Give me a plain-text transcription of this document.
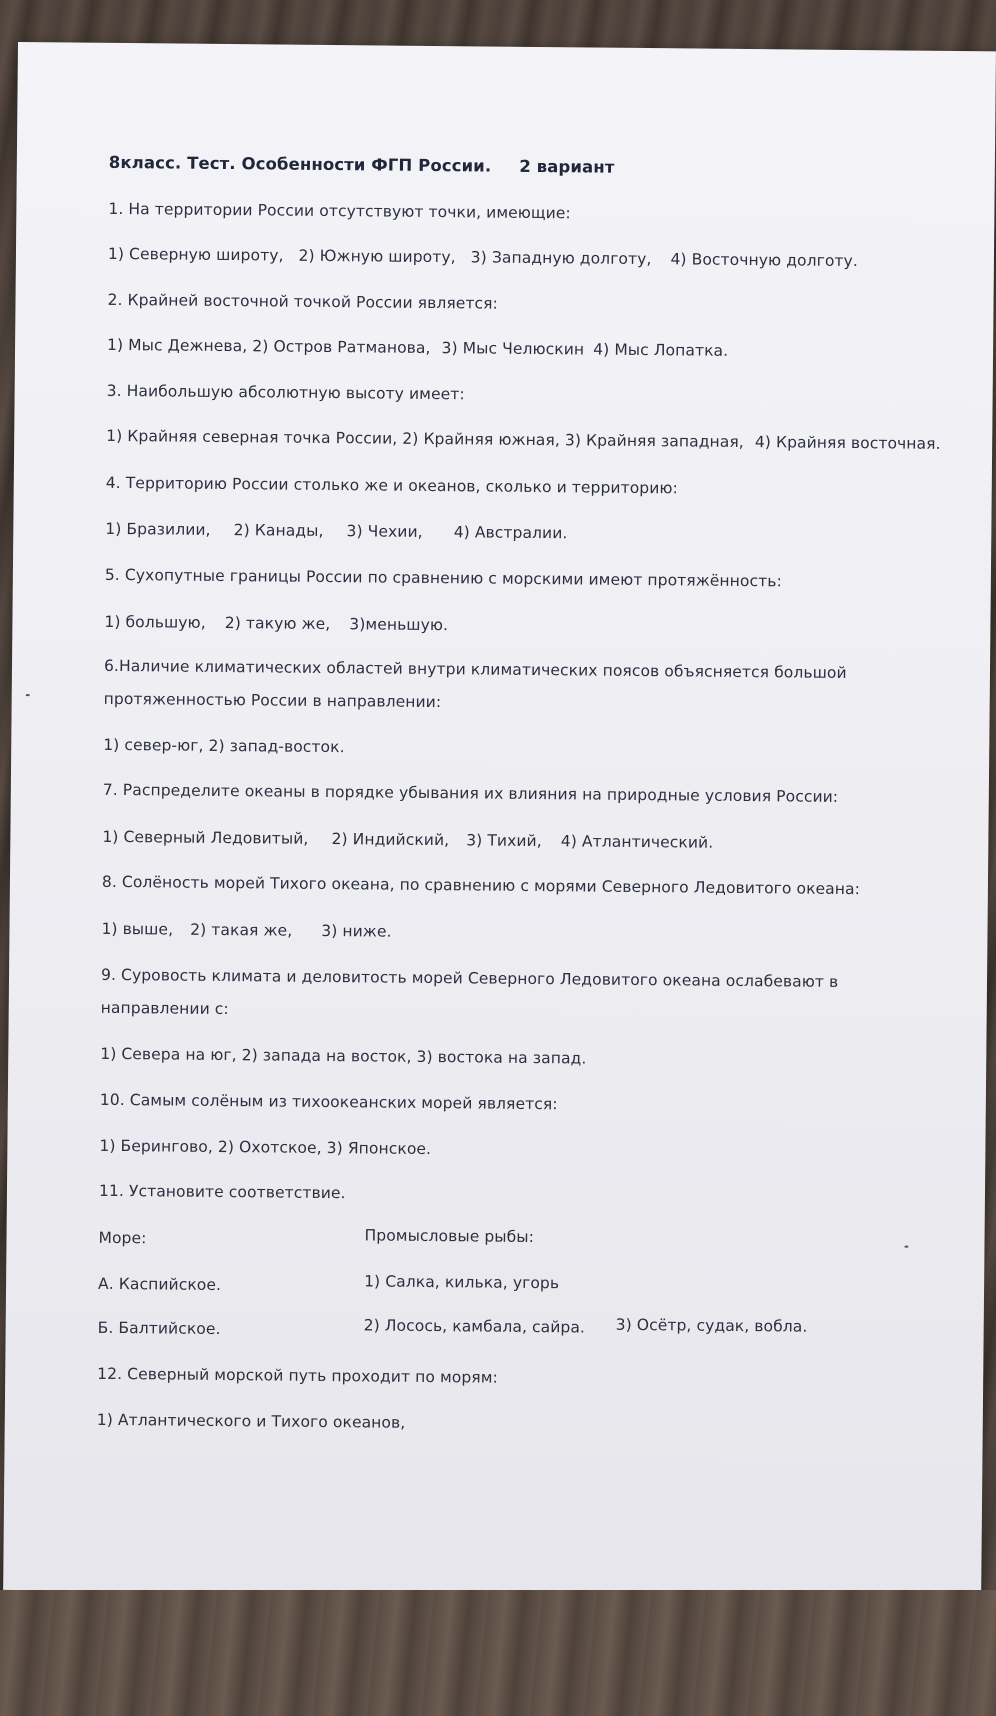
8класс. Тест. Особенности ФГП России. 2 вариант

1. На территории России отсутствуют точки, имеющие:

1) Северную широту, 2) Южную широту, 3) Западную долготу, 4) Восточную долготу.

2. Крайней восточной точкой России является:

1) Мыс Дежнева, 2) Остров Ратманова, 3) Мыс Челюскин 4) Мыс Лопатка.

3. Наибольшую абсолютную высоту имеет:

1) Крайняя северная точка России, 2) Крайняя южная, 3) Крайняя западная, 4) Крайняя восточная.

4. Территорию России столько же и океанов, сколько и территорию:

1) Бразилии, 2) Канады, 3) Чехии, 4) Австралии.

5. Сухопутные границы России по сравнению с морскими имеют протяжённость:

1) большую, 2) такую же, 3)меньшую.

6.Наличие климатических областей внутри климатических поясов объясняется большой

протяженностью России в направлении:

1) север-юг, 2) запад-восток.

7. Распределите океаны в порядке убывания их влияния на природные условия России:

1) Северный Ледовитый, 2) Индийский, 3) Тихий, 4) Атлантический.

8. Солёность морей Тихого океана, по сравнению с морями Северного Ледовитого океана:

1) выше, 2) такая же, 3) ниже.

9. Суровость климата и деловитость морей Северного Ледовитого океана ослабевают в

направлении с:

1) Севера на юг, 2) запада на восток, 3) востока на запад.

10. Самым солёным из тихоокеанских морей является:

1) Берингово, 2) Охотское, 3) Японское.

11. Установите соответствие.

Море:	Промысловые рыбы:

А. Каспийское.	1) Салка, килька, угорь

Б. Балтийское.	2) Лосось, камбала, сайра. 3) Осётр, судак, вобла.

12. Северный морской путь проходит по морям:

1) Атлантического и Тихого океанов,
